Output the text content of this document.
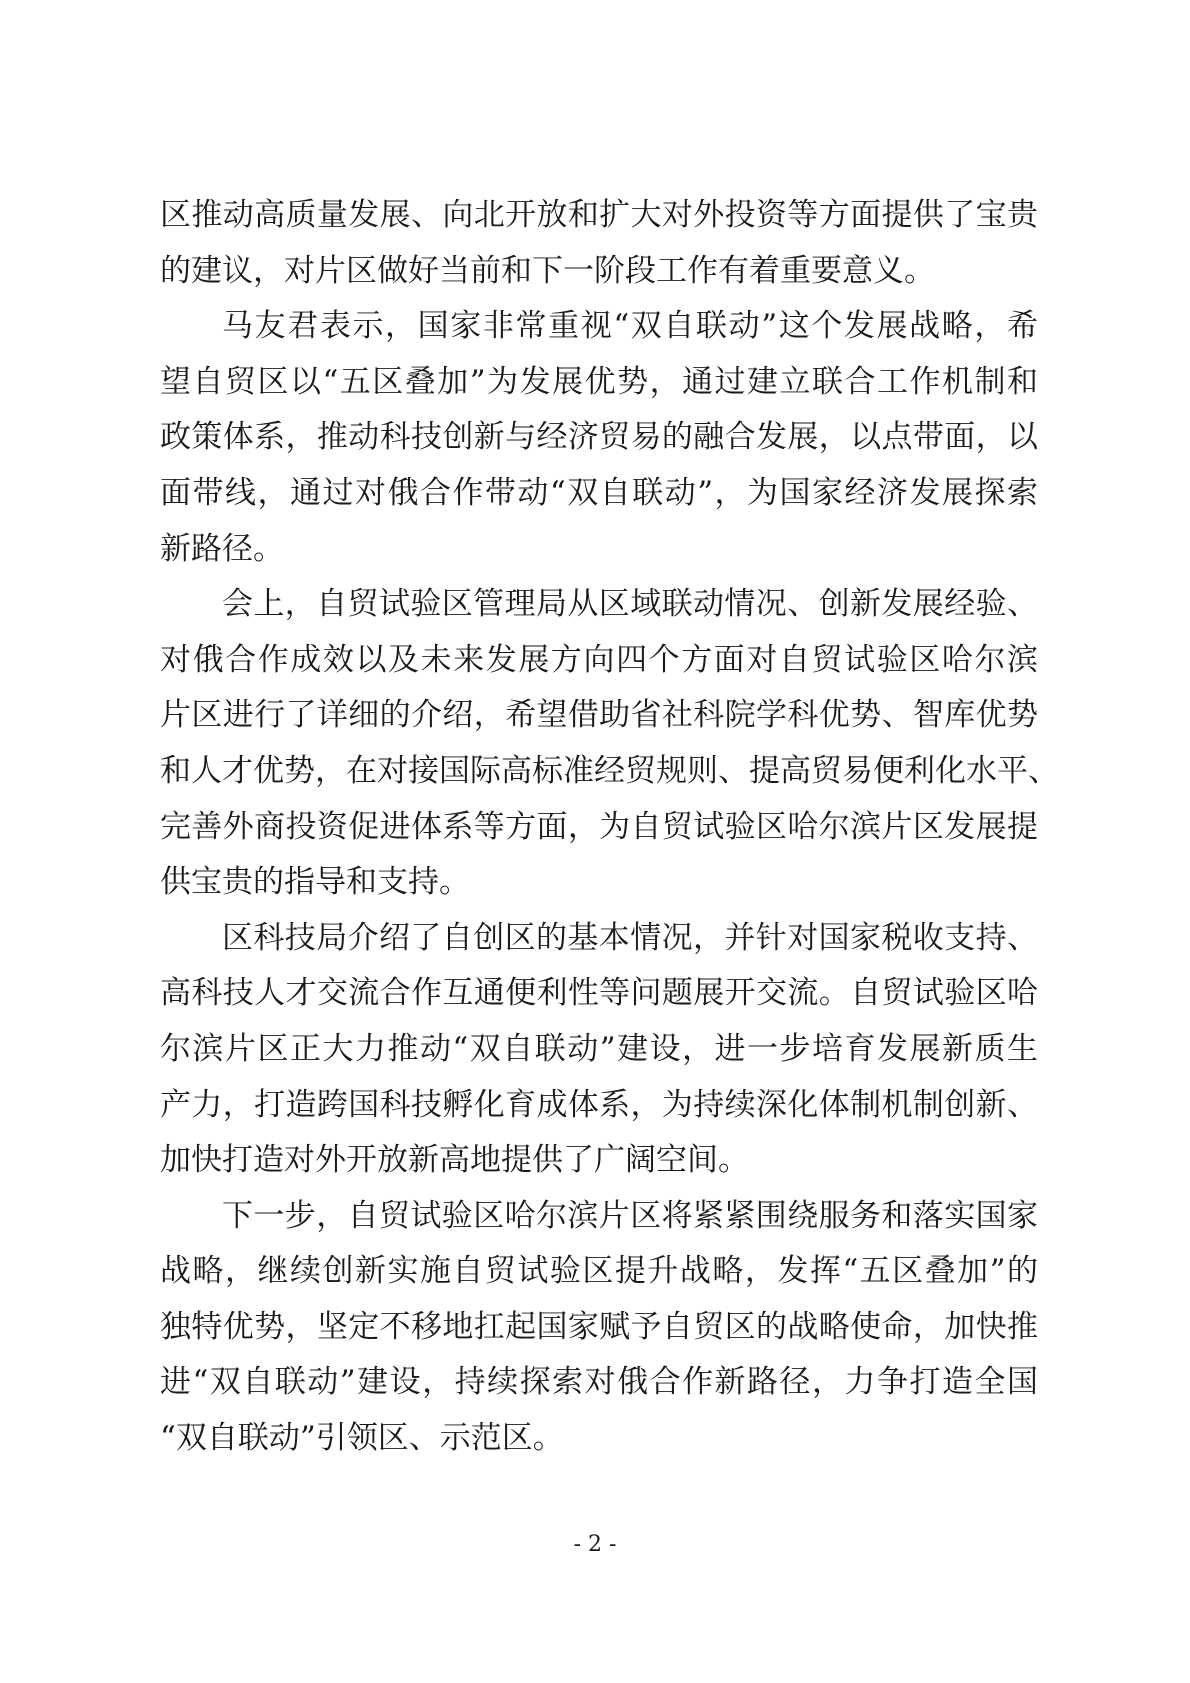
区推动高质量发展、向北开放和扩大对外投资等方面提供了宝贵
的建议，对片区做好当前和下一阶段工作有着重要意义。
马友君表示，国家非常重视“双自联动”这个发展战略，希
望自贸区以“五区叠加”为发展优势，通过建立联合工作机制和
政策体系，推动科技创新与经济贸易的融合发展，以点带面，以
面带线，通过对俄合作带动“双自联动”，为国家经济发展探索
新路径。
会上，自贸试验区管理局从区域联动情况、创新发展经验、
对俄合作成效以及未来发展方向四个方面对自贸试验区哈尔滨
片区进行了详细的介绍，希望借助省社科院学科优势、智库优势
和人才优势，在对接国际高标准经贸规则、提高贸易便利化水平、
完善外商投资促进体系等方面，为自贸试验区哈尔滨片区发展提
供宝贵的指导和支持。
区科技局介绍了自创区的基本情况，并针对国家税收支持、
高科技人才交流合作互通便利性等问题展开交流。自贸试验区哈
尔滨片区正大力推动“双自联动”建设，进一步培育发展新质生
产力，打造跨国科技孵化育成体系，为持续深化体制机制创新、
加快打造对外开放新高地提供了广阔空间。
下一步，自贸试验区哈尔滨片区将紧紧围绕服务和落实国家
战略，继续创新实施自贸试验区提升战略，发挥“五区叠加”的
独特优势，坚定不移地扛起国家赋予自贸区的战略使命，加快推
进“双自联动”建设，持续探索对俄合作新路径，力争打造全国
“双自联动”引领区、示范区。
- 2 -
